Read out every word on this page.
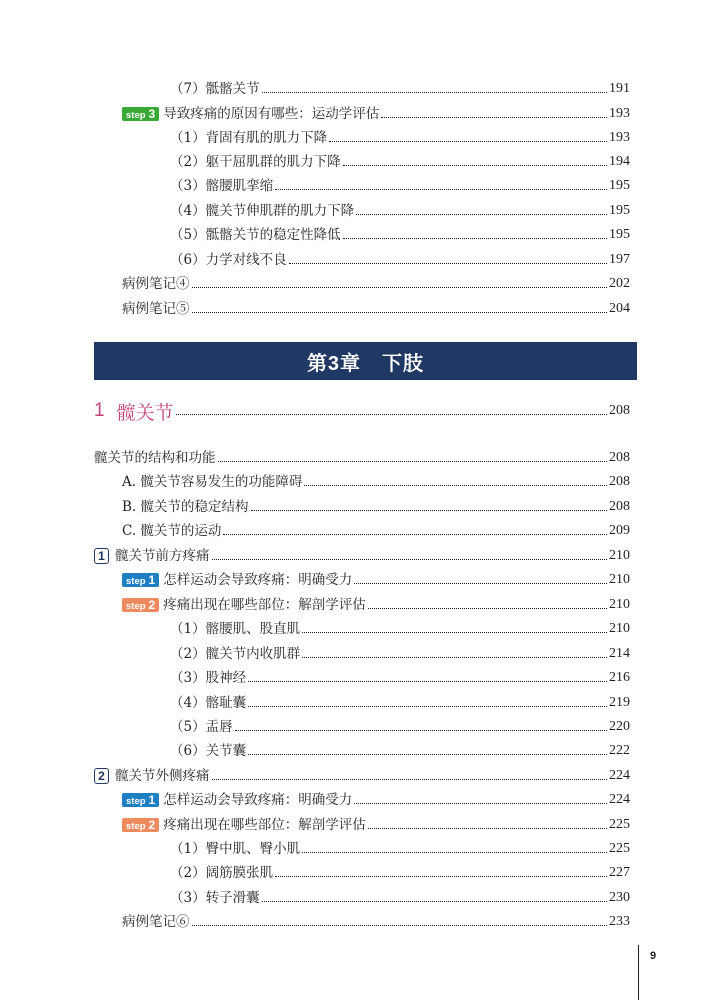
（7）骶髂关节	191
step 3 导致疼痛的原因有哪些：运动学评估	193
（1）背固有肌的肌力下降	193
（2）躯干屈肌群的肌力下降	194
（3）髂腰肌挛缩	195
（4）髋关节伸肌群的肌力下降	195
（5）骶髂关节的稳定性降低	195
（6）力学对线不良	197
病例笔记④	202
病例笔记⑤	204
第3章　下肢
1 髋关节	208
髋关节的结构和功能	208
A. 髋关节容易发生的功能障碍	208
B. 髋关节的稳定结构	208
C. 髋关节的运动	209
1 髋关节前方疼痛	210
step 1 怎样运动会导致疼痛：明确受力	210
step 2 疼痛出现在哪些部位：解剖学评估	210
（1）髂腰肌、股直肌	210
（2）髋关节内收肌群	214
（3）股神经	216
（4）髂耻囊	219
（5）盂唇	220
（6）关节囊	222
2 髋关节外侧疼痛	224
step 1 怎样运动会导致疼痛：明确受力	224
step 2 疼痛出现在哪些部位：解剖学评估	225
（1）臀中肌、臀小肌	225
（2）阔筋膜张肌	227
（3）转子滑囊	230
病例笔记⑥	233
9
